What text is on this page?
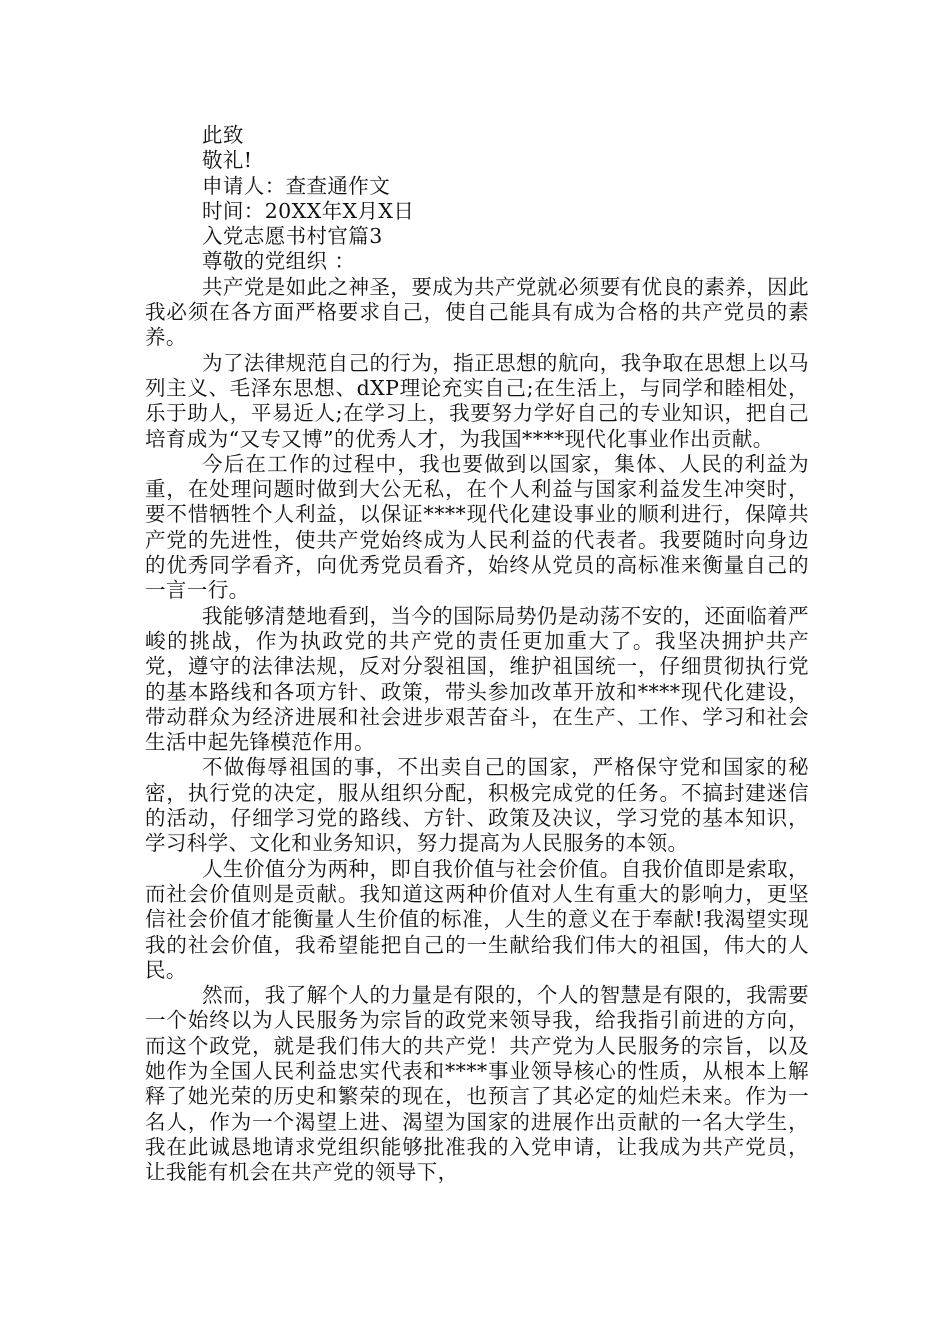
此致
敬礼!
申请人：查查通作文
时间：20XX年X月X日
入党志愿书村官篇3
尊敬的党组织 ：

共产党是如此之神圣，要成为共产党就必须要有优良的素养，因此我必须在各方面严格要求自己，使自己能具有成为合格的共产党员的素养。

为了法律规范自己的行为，指正思想的航向，我争取在思想上以马列主义、毛泽东思想、dXP理论充实自己;在生活上，与同学和睦相处，乐于助人，平易近人;在学习上，我要努力学好自己的专业知识，把自己培育成为“又专又博”的优秀人才，为我国****现代化事业作出贡献。

今后在工作的过程中，我也要做到以国家，集体、人民的利益为重，在处理问题时做到大公无私，在个人利益与国家利益发生冲突时，要不惜牺牲个人利益，以保证****现代化建设事业的顺利进行，保障共产党的先进性，使共产党始终成为人民利益的代表者。我要随时向身边的优秀同学看齐，向优秀党员看齐，始终从党员的高标准来衡量自己的一言一行。

我能够清楚地看到，当今的国际局势仍是动荡不安的，还面临着严峻的挑战，作为执政党的共产党的责任更加重大了。我坚决拥护共产党，遵守的法律法规，反对分裂祖国，维护祖国统一，仔细贯彻执行党的基本路线和各项方针、政策，带头参加改革开放和****现代化建设，带动群众为经济进展和社会进步艰苦奋斗，在生产、工作、学习和社会生活中起先锋模范作用。

不做侮辱祖国的事，不出卖自己的国家，严格保守党和国家的秘密，执行党的决定，服从组织分配，积极完成党的任务。不搞封建迷信的活动，仔细学习党的路线、方针、政策及决议，学习党的基本知识，学习科学、文化和业务知识，努力提高为人民服务的本领。

人生价值分为两种，即自我价值与社会价值。自我价值即是索取，而社会价值则是贡献。我知道这两种价值对人生有重大的影响力，更坚信社会价值才能衡量人生价值的标准，人生的意义在于奉献!我渴望实现我的社会价值，我希望能把自己的一生献给我们伟大的祖国，伟大的人民。

然而，我了解个人的力量是有限的，个人的智慧是有限的，我需要一个始终以为人民服务为宗旨的政党来领导我，给我指引前进的方向，而这个政党，就是我们伟大的共产党！共产党为人民服务的宗旨，以及她作为全国人民利益忠实代表和****事业领导核心的性质，从根本上解释了她光荣的历史和繁荣的现在，也预言了其必定的灿烂未来。作为一名人，作为一个渴望上进、渴望为国家的进展作出贡献的一名大学生，我在此诚恳地请求党组织能够批准我的入党申请，让我成为共产党员，让我能有机会在共产党的领导下，
